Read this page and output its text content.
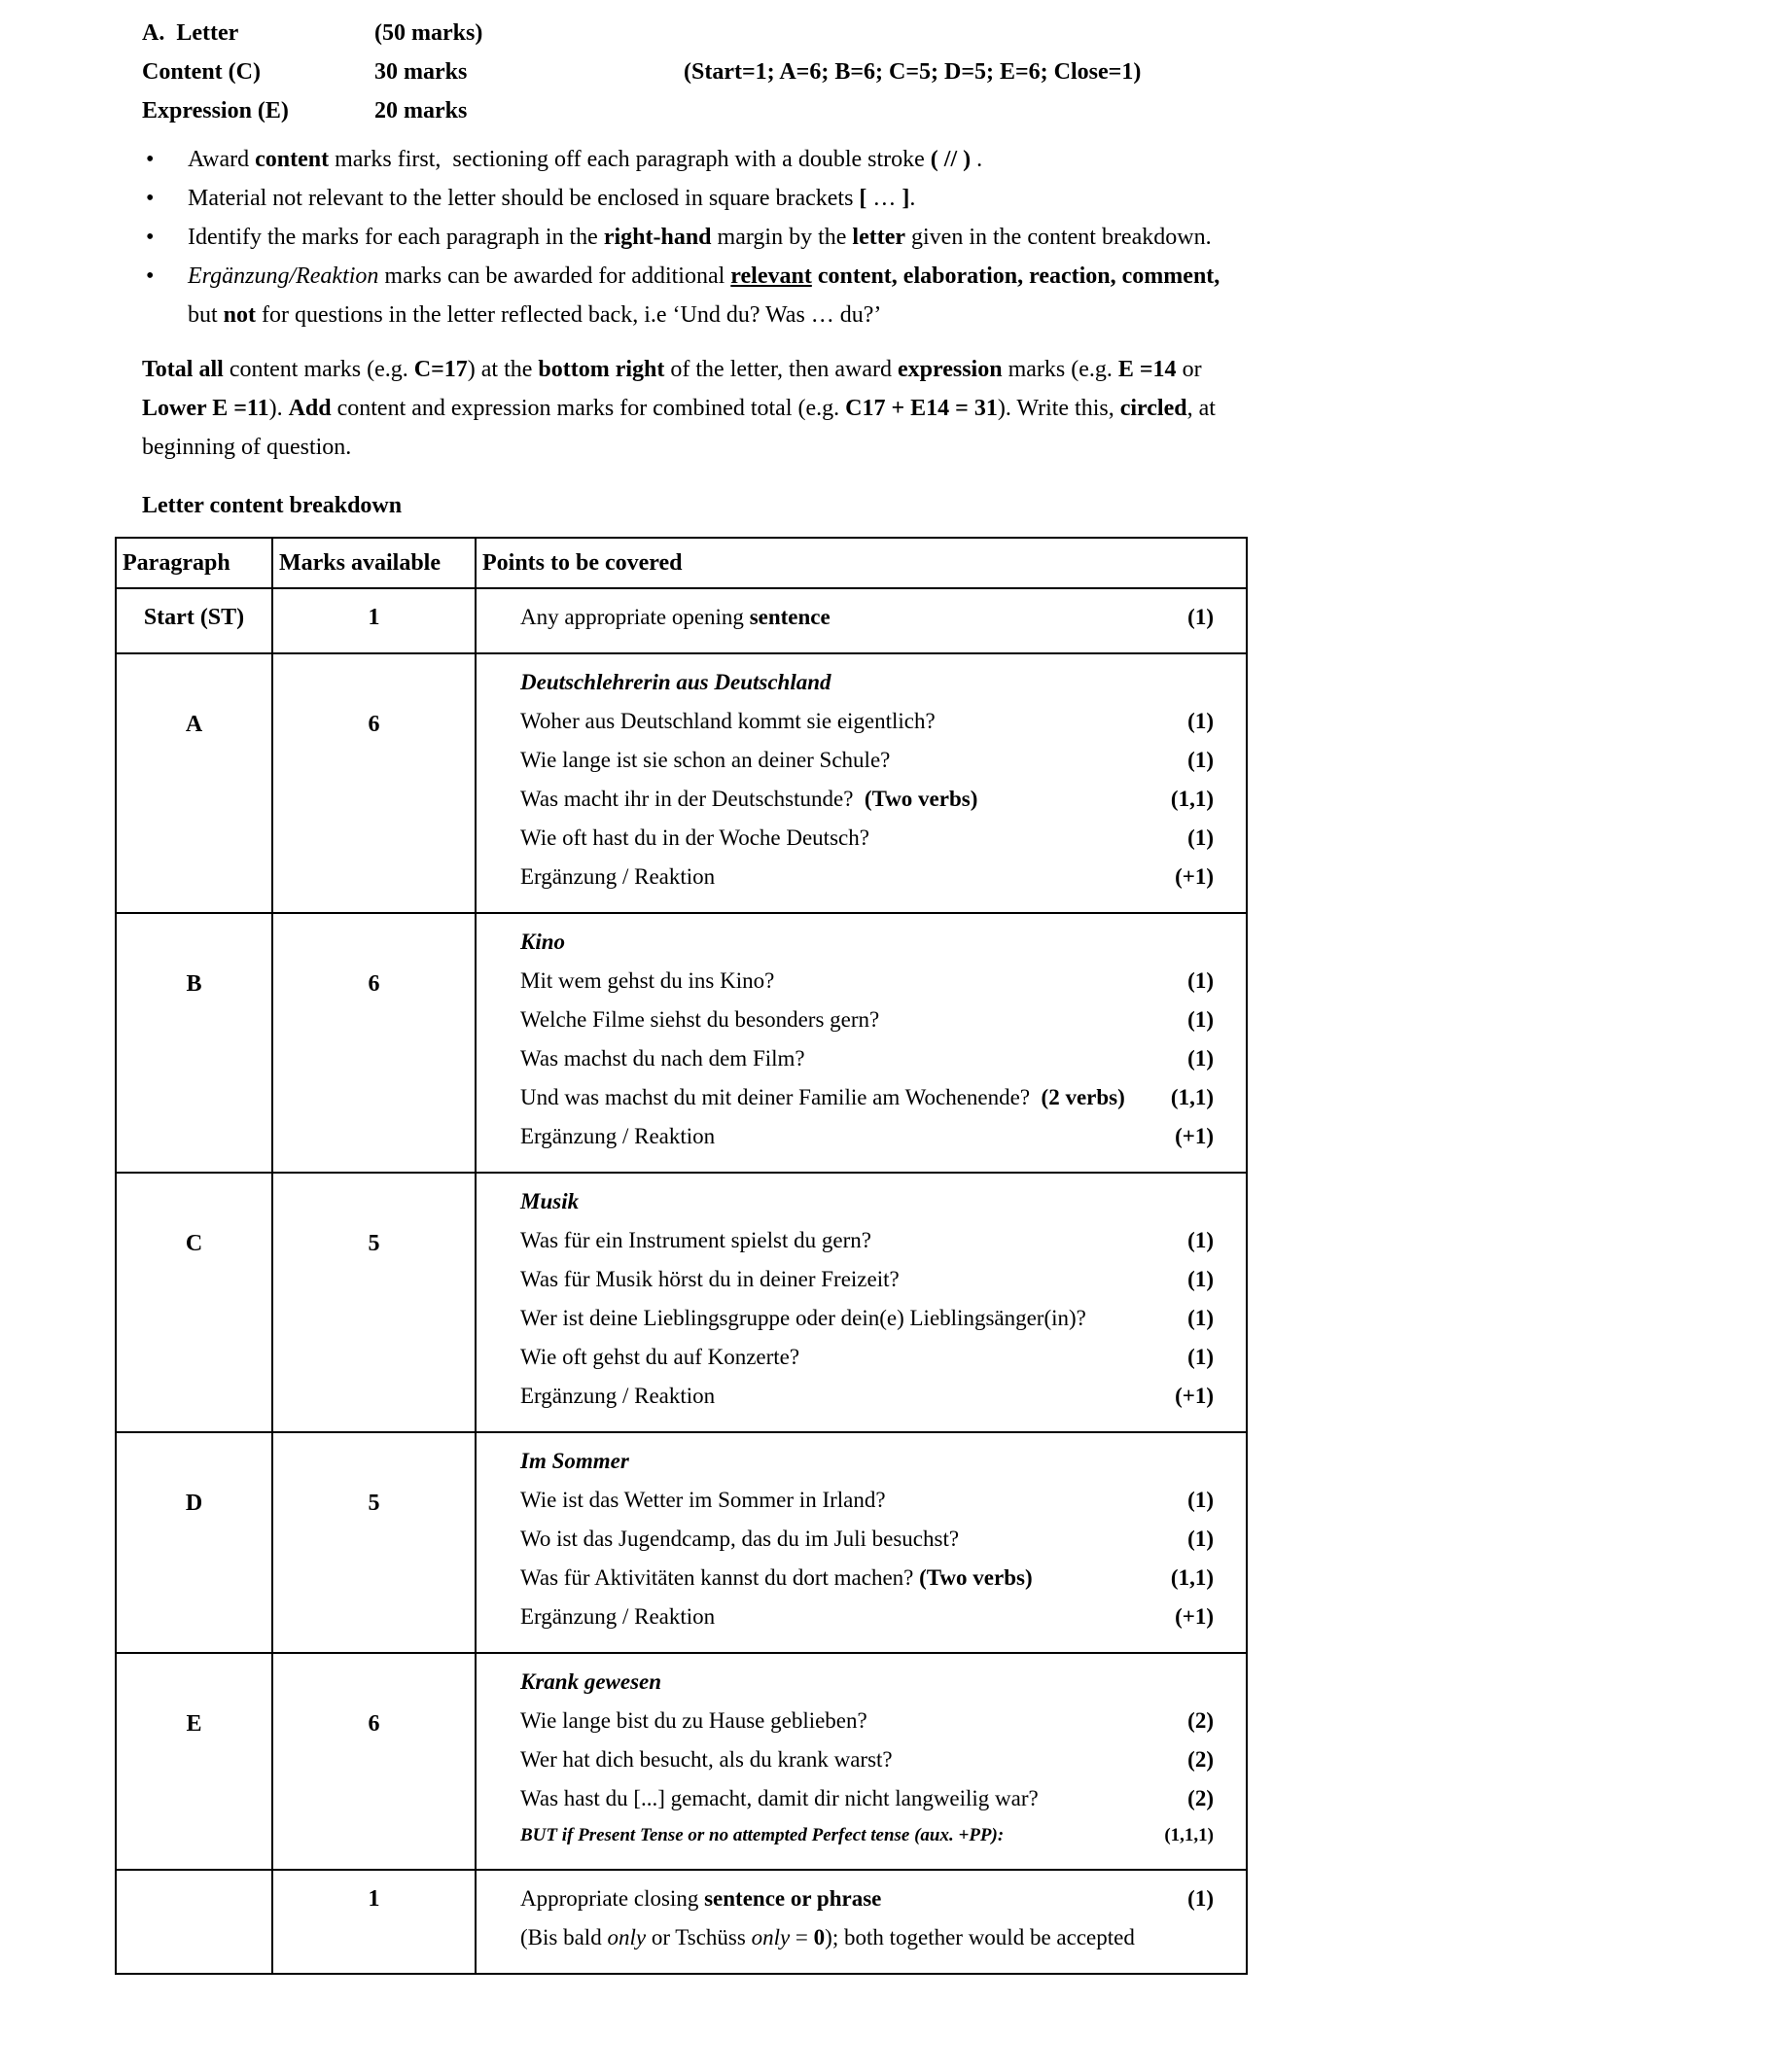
A.  Letter	(50 marks)
Content (C)	30 marks	(Start=1; A=6; B=6; C=5; D=5; E=6; Close=1)
Expression (E)	20 marks
• Award content marks first,  sectioning off each paragraph with a double stroke ( // ) .
• Material not relevant to the letter should be enclosed in square brackets [ … ].
• Identify the marks for each paragraph in the right-hand margin by the letter given in the content breakdown.
• Ergänzung/Reaktion marks can be awarded for additional relevant content, elaboration, reaction, comment, but not for questions in the letter reflected back, i.e ‘Und du? Was … du?’

Total all content marks (e.g. C=17) at the bottom right of the letter, then award expression marks (e.g. E =14 or Lower E =11). Add content and expression marks for combined total (e.g. C17 + E14 = 31). Write this, circled, at beginning of question.

Letter content breakdown
Paragraph	Marks available	Points to be covered
Start (ST)	1	Any appropriate opening sentence (1)

A	6	
Deutschlehrerin aus Deutschland
Woher aus Deutschland kommt sie eigentlich?	(1)
Wie lange ist sie schon an deiner Schule?	(1)
Was macht ihr in der Deutschstunde?  (Two verbs)	(1,1)
Wie oft hast du in der Woche Deutsch?	(1)
Ergänzung / Reaktion	(+1)

B	6	
Kino
Mit wem gehst du ins Kino?	(1)
Welche Filme siehst du besonders gern?	(1)
Was machst du nach dem Film?	(1)
Und was machst du mit deiner Familie am Wochenende?  (2 verbs) (1,1)
Ergänzung / Reaktion	(+1)

C	5	
Musik
Was für ein Instrument spielst du gern?	(1)
Was für Musik hörst du in deiner Freizeit?	(1)
Wer ist deine Lieblingsgruppe oder dein(e) Lieblingsänger(in)?	(1)
Wie oft gehst du auf Konzerte?	(1)
Ergänzung / Reaktion	(+1)

D	5	
Im Sommer
Wie ist das Wetter im Sommer in Irland?	(1)
Wo ist das Jugendcamp, das du im Juli besuchst?	(1)
Was für Aktivitäten kannst du dort machen? (Two verbs)	(1,1)
Ergänzung / Reaktion	(+1)

E	6	
Krank gewesen
Wie lange bist du zu Hause geblieben?	(2)
Wer hat dich besucht, als du krank warst?	(2)
Was hast du [...] gemacht, damit dir nicht langweilig war?	(2)
BUT if Present Tense or no attempted Perfect tense (aux. +PP):	(1,1,1)

	1	Appropriate closing sentence or phrase (1)
(Bis bald only or Tschüss only = 0); both together would be accepted
